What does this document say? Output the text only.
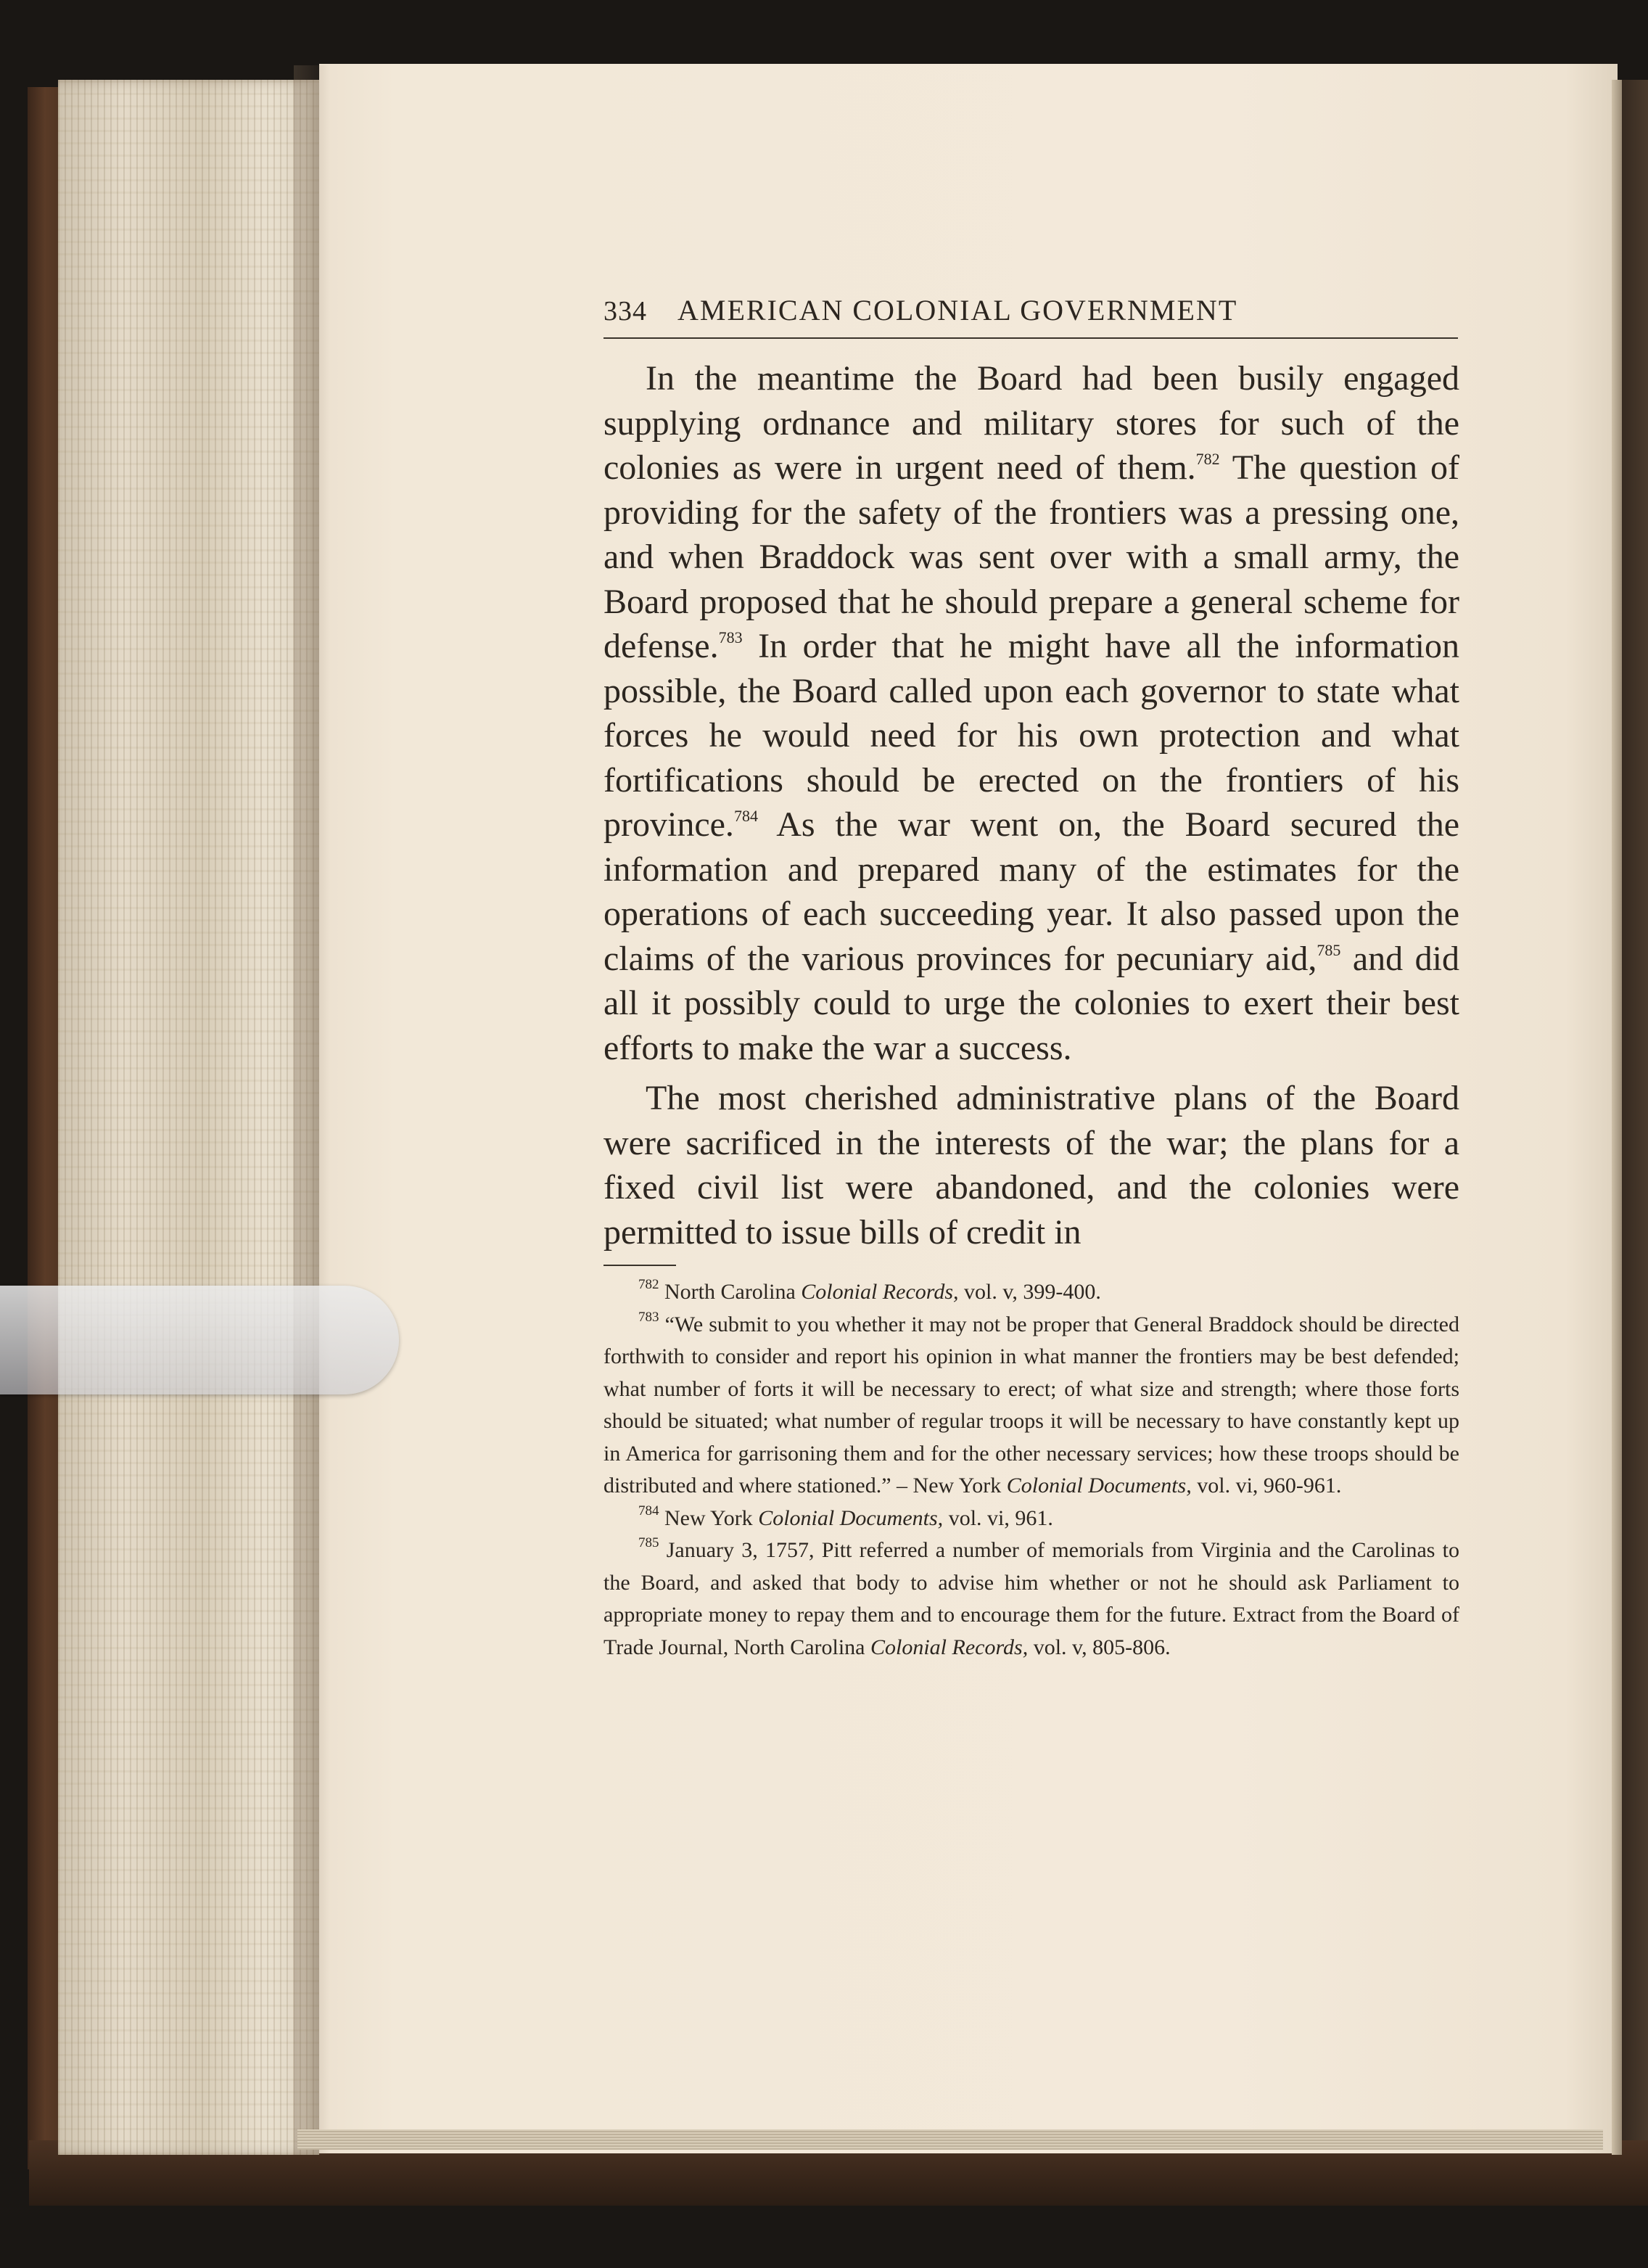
334 AMERICAN COLONIAL GOVERNMENT

In the meantime the Board had been busily engaged supplying ordnance and military stores for such of the colonies as were in urgent need of them.$^{782}$ The question of providing for the safety of the frontiers was a pressing one, and when Braddock was sent over with a small army, the Board proposed that he should prepare a general scheme for defense.$^{783}$ In order that he might have all the information possible, the Board called upon each governor to state what forces he would need for his own protection and what fortifications should be erected on the frontiers of his province.$^{784}$ As the war went on, the Board secured the information and prepared many of the estimates for the operations of each succeeding year. It also passed upon the claims of the various provinces for pecuniary aid,$^{785}$ and did all it possibly could to urge the colonies to exert their best efforts to make the war a success.

The most cherished administrative plans of the Board were sacrificed in the interests of the war; the plans for a fixed civil list were abandoned, and the colonies were permitted to issue bills of credit in

$^{782}$ North Carolina Colonial Records, vol. v, 399-400.

$^{783}$ “We submit to you whether it may not be proper that General Braddock should be directed forthwith to consider and report his opinion in what manner the frontiers may be best defended; what number of forts it will be necessary to erect; of what size and strength; where those forts should be situated; what number of regular troops it will be necessary to have constantly kept up in America for garrisoning them and for the other necessary services; how these troops should be distributed and where stationed.” – New York Colonial Documents, vol. vi, 960-961.

$^{784}$ New York Colonial Documents, vol. vi, 961.

$^{785}$ January 3, 1757, Pitt referred a number of memorials from Virginia and the Carolinas to the Board, and asked that body to advise him whether or not he should ask Parliament to appropriate money to repay them and to encourage them for the future. Extract from the Board of Trade Journal, North Carolina Colonial Records, vol. v, 805-806.
